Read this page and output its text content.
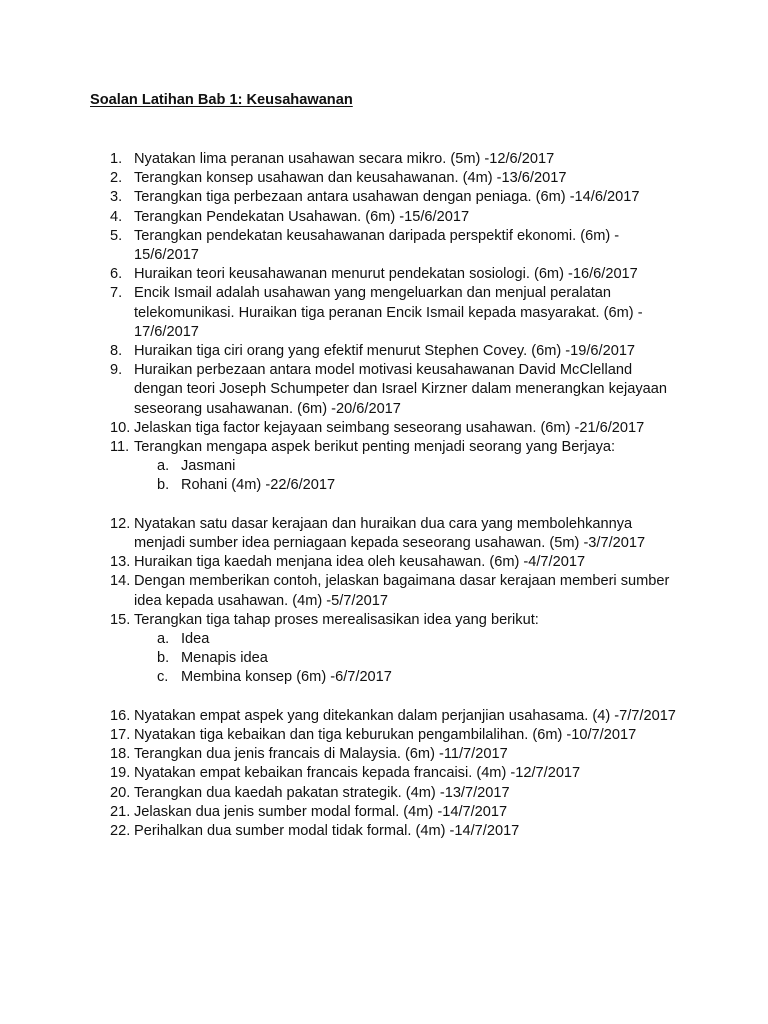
Soalan Latihan Bab 1: Keusahawanan
1. Nyatakan lima peranan usahawan secara mikro. (5m) -12/6/2017
2. Terangkan konsep usahawan dan keusahawanan. (4m) -13/6/2017
3. Terangkan tiga perbezaan antara usahawan dengan peniaga. (6m) -14/6/2017
4. Terangkan Pendekatan Usahawan. (6m) -15/6/2017
5. Terangkan pendekatan keusahawanan daripada perspektif ekonomi. (6m) - 15/6/2017
6. Huraikan teori keusahawanan menurut pendekatan sosiologi. (6m) -16/6/2017
7. Encik Ismail adalah usahawan yang mengeluarkan dan menjual peralatan telekomunikasi. Huraikan tiga peranan Encik Ismail kepada masyarakat. (6m) - 17/6/2017
8. Huraikan tiga ciri orang yang efektif menurut Stephen Covey. (6m) -19/6/2017
9. Huraikan perbezaan antara model motivasi keusahawanan David McClelland dengan teori Joseph Schumpeter dan Israel Kirzner dalam menerangkan kejayaan seseorang usahawanan. (6m) -20/6/2017
10. Jelaskan tiga factor kejayaan seimbang seseorang usahawan. (6m) -21/6/2017
11. Terangkan mengapa aspek berikut penting menjadi seorang yang Berjaya:
a. Jasmani
b. Rohani (4m) -22/6/2017
12. Nyatakan satu dasar kerajaan dan huraikan dua cara yang membolehkannya menjadi sumber idea perniagaan kepada seseorang usahawan. (5m) -3/7/2017
13. Huraikan tiga kaedah menjana idea oleh keusahawan. (6m) -4/7/2017
14. Dengan memberikan contoh, jelaskan bagaimana dasar kerajaan memberi sumber idea kepada usahawan. (4m) -5/7/2017
15. Terangkan tiga tahap proses merealisasikan idea yang berikut:
a. Idea
b. Menapis idea
c. Membina konsep (6m) -6/7/2017
16. Nyatakan empat aspek yang ditekankan dalam perjanjian usahasama. (4) -7/7/2017
17. Nyatakan tiga kebaikan dan tiga keburukan pengambilalihan. (6m) -10/7/2017
18. Terangkan dua jenis francais di Malaysia. (6m) -11/7/2017
19. Nyatakan empat kebaikan francais kepada francaisi. (4m) -12/7/2017
20. Terangkan dua kaedah pakatan strategik. (4m) -13/7/2017
21. Jelaskan dua jenis sumber modal formal. (4m) -14/7/2017
22. Perihalkan dua sumber modal tidak formal. (4m) -14/7/2017
